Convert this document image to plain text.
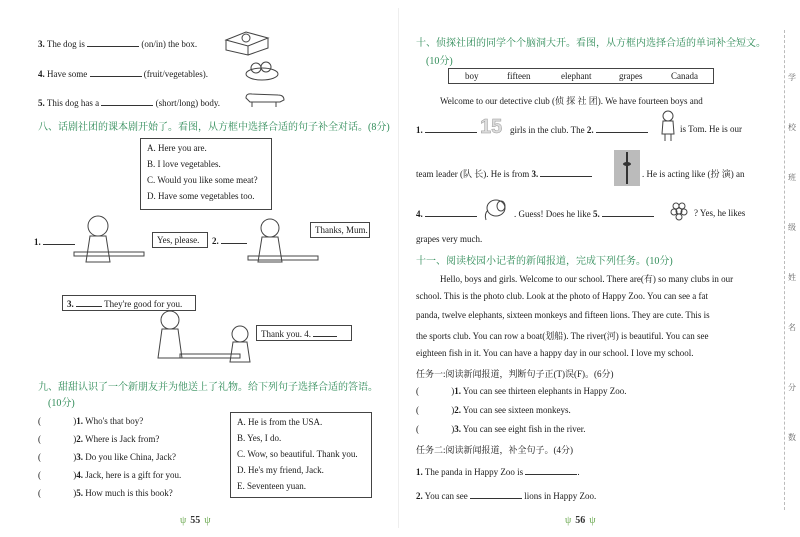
3. The dog is	(on/in) the box.
4. Have some	(fruit/vegetables).
5. This dog has a	(short/long) body.
八、话剧社团的课本剧开始了。看图，从方框中选择合适的句子补全对话。(8分)
A. Here you are.
B. I love vegetables.
C. Would you like some meat?
D. Have some vegetables too.
1.	Yes, please. 2.
Thanks, Mum.
3.	They're good for you.
Thank you. 4.
九、甜甜认识了一个新朋友并为他送上了礼物。给下列句子选择合适的答语。
(10分)
(	)1. Who's that boy?
(	)2. Where is Jack from?
(	)3. Do you like China, Jack?
(	)4. Jack, here is a gift for you.
(	)5. How much is this book?
A. He is from the USA.
B. Yes, I do.
C. Wow, so beautiful. Thank you.
D. He's my friend, Jack.
E. Seventeen yuan.
ψ 55 ψ
十、侦探社团的同学个个脑洞大开。看图，从方框内选择合适的单词补全短文。
(10分)
boy	fifteen	elephant	grapes	Canada
Welcome to our detective club (侦 探 社 团). We have fourteen boys and
1.	15 girls in the club. The 2.	is Tom. He is our
team leader (队 长). He is from 3.	. He is acting like (扮 演) an
4.	. Guess! Does he like 5.	? Yes, he likes
grapes very much.
十一、阅读校园小记者的新闻报道，完成下列任务。(10分)
Hello, boys and girls. Welcome to our school. There are(有) so many clubs in our
school. This is the photo club. Look at the photo of Happy Zoo. You can see a fat
panda, twelve elephants, sixteen monkeys and fifteen lions. They are cute. This is
the sports club. You can row a boat(划船). The river(河) is beautiful. You can see
eighteen fish in it. You can have a happy day in our school. I love my school.
任务一:阅读新闻报道，判断句子正(T)误(F)。(6分)
(	)1. You can see thirteen elephants in Happy Zoo.
(	)2. You can see sixteen monkeys.
(	)3. You can see eight fish in the river.
任务二:阅读新闻报道，补全句子。(4分)
1. The panda in Happy Zoo is	.
2. You can see	lions in Happy Zoo.
ψ 56 ψ
学
校
班
级
姓
名
分
数
